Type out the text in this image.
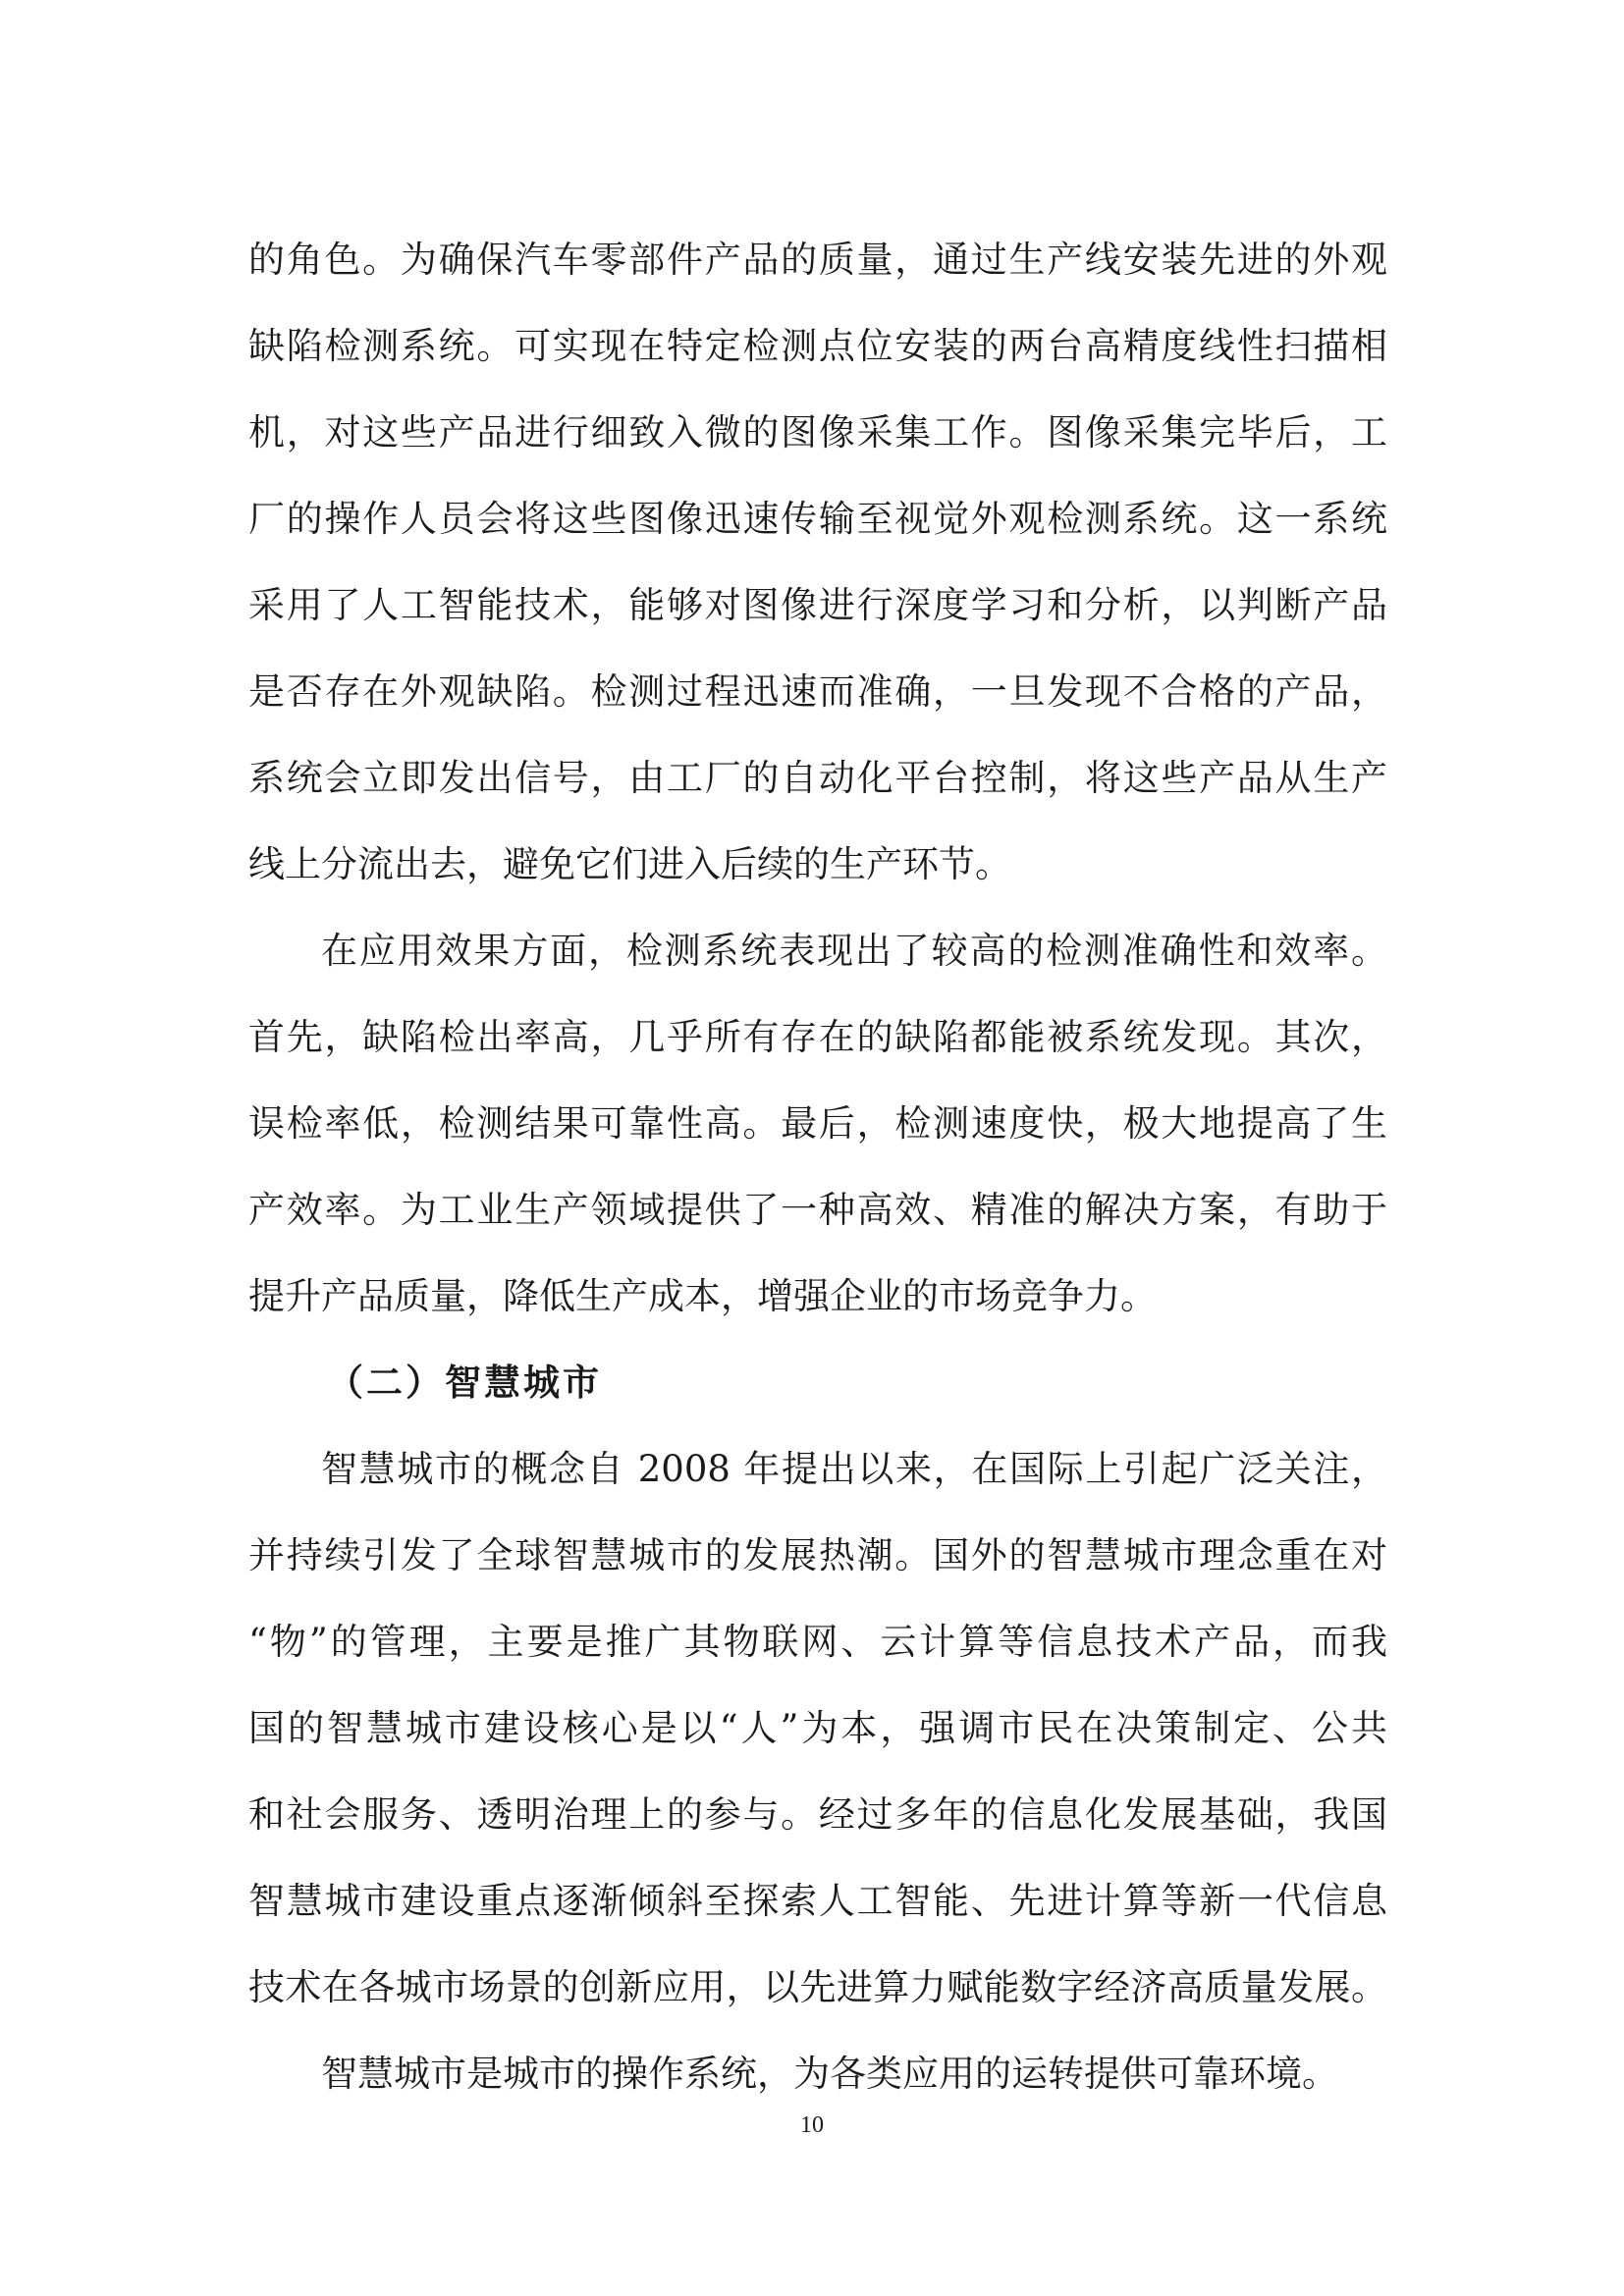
的角色。为确保汽车零部件产品的质量，通过生产线安装先进的外观
缺陷检测系统。可实现在特定检测点位安装的两台高精度线性扫描相
机，对这些产品进行细致入微的图像采集工作。图像采集完毕后，工
厂的操作人员会将这些图像迅速传输至视觉外观检测系统。这一系统
采用了人工智能技术，能够对图像进行深度学习和分析，以判断产品
是否存在外观缺陷。检测过程迅速而准确，一旦发现不合格的产品，
系统会立即发出信号，由工厂的自动化平台控制，将这些产品从生产
线上分流出去，避免它们进入后续的生产环节。
在应用效果方面，检测系统表现出了较高的检测准确性和效率。
首先，缺陷检出率高，几乎所有存在的缺陷都能被系统发现。其次，
误检率低，检测结果可靠性高。最后，检测速度快，极大地提高了生
产效率。为工业生产领域提供了一种高效、精准的解决方案，有助于
提升产品质量，降低生产成本，增强企业的市场竞争力。
（二）智慧城市
智慧城市的概念自 2008 年提出以来，在国际上引起广泛关注，
并持续引发了全球智慧城市的发展热潮。国外的智慧城市理念重在对
“物”的管理，主要是推广其物联网、云计算等信息技术产品，而我
国的智慧城市建设核心是以“人”为本，强调市民在决策制定、公共
和社会服务、透明治理上的参与。经过多年的信息化发展基础，我国
智慧城市建设重点逐渐倾斜至探索人工智能、先进计算等新一代信息
技术在各城市场景的创新应用，以先进算力赋能数字经济高质量发展。
智慧城市是城市的操作系统，为各类应用的运转提供可靠环境。
10
